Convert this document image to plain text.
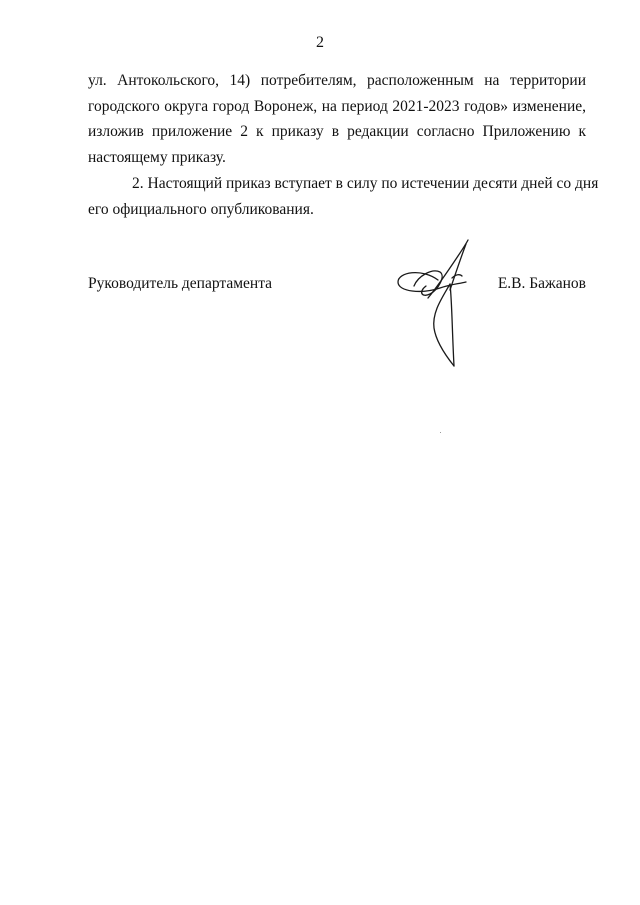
2

ул. Антокольского, 14) потребителям, расположенным на территории
городского округа город Воронеж, на период 2021-2023 годов» изменение,
изложив приложение 2 к приказу в редакции согласно Приложению к
настоящему приказу.

2. Настоящий приказ вступает в силу по истечении десяти дней со дня
его официального опубликования.

Руководитель департамента	Е.В. Бажанов
